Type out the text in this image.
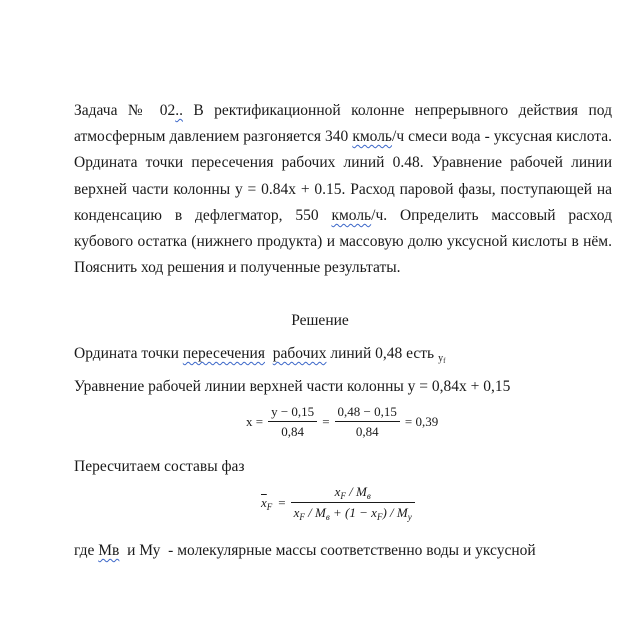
Задача № 02.. В ректификационной колонне непрерывного действия под атмосферным давлением разгоняется 340 кмоль/ч смеси вода - уксусная кислота. Ордината точки пересечения рабочих линий 0.48. Уравнение рабочей линии верхней части колонны y = 0.84x + 0.15. Расход паровой фазы, поступающей на конденсацию в дефлегматор, 550 кмоль/ч. Определить массовый расход кубового остатка (нижнего продукта) и массовую долю уксусной кислоты в нём. Пояснить ход решения и полученные результаты.

Решение
Ордината точки пересечения рабочих линий 0,48 есть $_{y_f}$
Уравнение рабочей линии верхней части колонны y = 0,84x + 0,15
$x = \frac{y - 0,15}{0,84} = \frac{0,48 - 0,15}{0,84} = 0,39$
Пересчитаем составы фаз
$\overline{x}_F = \frac{x_F / M_в}{x_F / M_в + (1 - x_F) / M_y}$
где Мв  и Му  - молекулярные массы соответственно воды и уксусной
